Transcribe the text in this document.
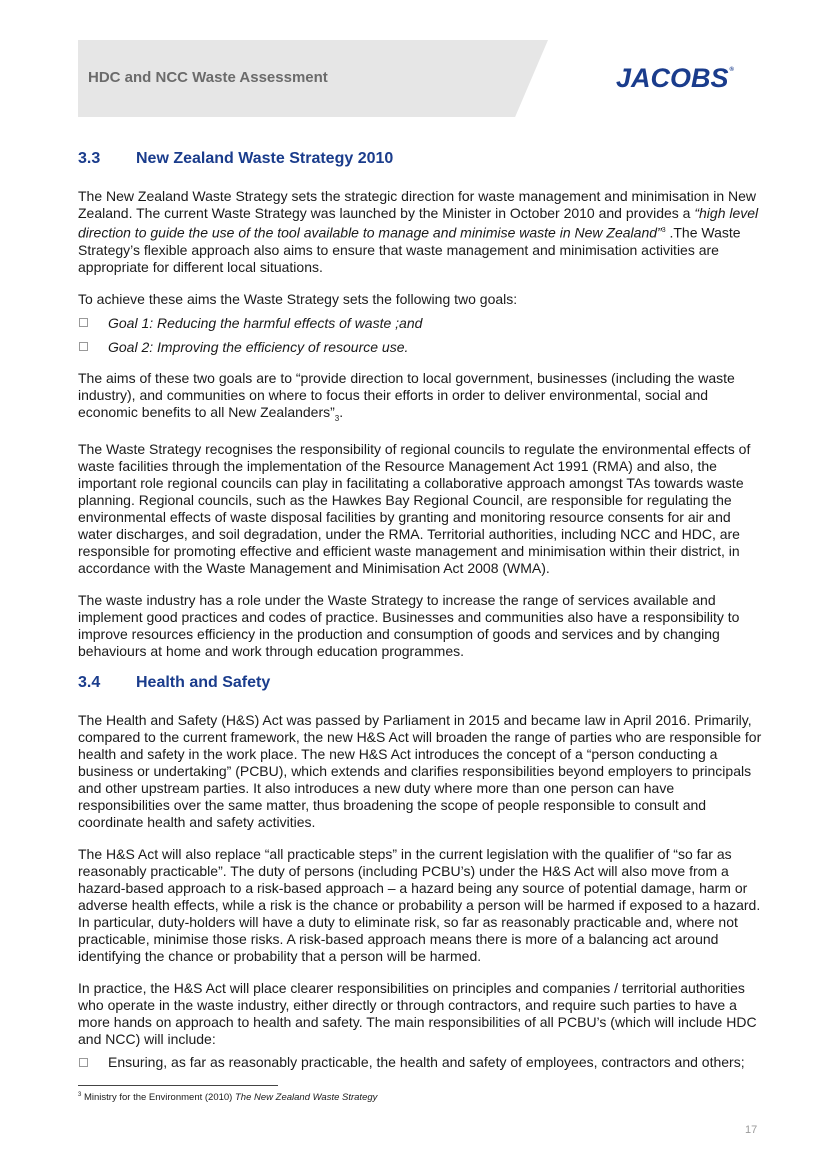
HDC and NCC Waste Assessment	JACOBS®
3.3	New Zealand Waste Strategy 2010

The New Zealand Waste Strategy sets the strategic direction for waste management and minimisation in New Zealand. The current Waste Strategy was launched by the Minister in October 2010 and provides a “high level direction to guide the use of the tool available to manage and minimise waste in New Zealand”$^3$ .The Waste Strategy’s flexible approach also aims to ensure that waste management and minimisation activities are appropriate for different local situations.

To achieve these aims the Waste Strategy sets the following two goals:

Goal 1: Reducing the harmful effects of waste ;and
Goal 2: Improving the efficiency of resource use.

The aims of these two goals are to “provide direction to local government, businesses (including the waste industry), and communities on where to focus their efforts in order to deliver environmental, social and economic benefits to all New $Zealanders”_3$.

The Waste Strategy recognises the responsibility of regional councils to regulate the environmental effects of waste facilities through the implementation of the Resource Management Act 1991 (RMA) and also, the important role regional councils can play in facilitating a collaborative approach amongst TAs towards waste planning. Regional councils, such as the Hawkes Bay Regional Council, are responsible for regulating the environmental effects of waste disposal facilities by granting and monitoring resource consents for air and water discharges, and soil degradation, under the RMA. Territorial authorities, including NCC and HDC, are responsible for promoting effective and efficient waste management and minimisation within their district, in accordance with the Waste Management and Minimisation Act 2008 (WMA).

The waste industry has a role under the Waste Strategy to increase the range of services available and implement good practices and codes of practice. Businesses and communities also have a responsibility to improve resources efficiency in the production and consumption of goods and services and by changing behaviours at home and work through education programmes.

3.4	Health and Safety

The Health and Safety (H&S) Act was passed by Parliament in 2015 and became law in April 2016. Primarily, compared to the current framework, the new H&S Act will broaden the range of parties who are responsible for health and safety in the work place. The new H&S Act introduces the concept of a “person conducting a business or undertaking” (PCBU), which extends and clarifies responsibilities beyond employers to principals and other upstream parties. It also introduces a new duty where more than one person can have responsibilities over the same matter, thus broadening the scope of people responsible to consult and coordinate health and safety activities.

The H&S Act will also replace “all practicable steps” in the current legislation with the qualifier of “so far as reasonably practicable”. The duty of persons (including PCBU’s) under the H&S Act will also move from a hazard-based approach to a risk-based approach – a hazard being any source of potential damage, harm or adverse health effects, while a risk is the chance or probability a person will be harmed if exposed to a hazard. In particular, duty-holders will have a duty to eliminate risk, so far as reasonably practicable and, where not practicable, minimise those risks. A risk-based approach means there is more of a balancing act around identifying the chance or probability that a person will be harmed.

In practice, the H&S Act will place clearer responsibilities on principles and companies / territorial authorities who operate in the waste industry, either directly or through contractors, and require such parties to have a more hands on approach to health and safety. The main responsibilities of all PCBU’s (which will include HDC and NCC) will include:

Ensuring, as far as reasonably practicable, the health and safety of employees, contractors and others;
$^3$ Ministry for the Environment (2010) The New Zealand Waste Strategy
17
